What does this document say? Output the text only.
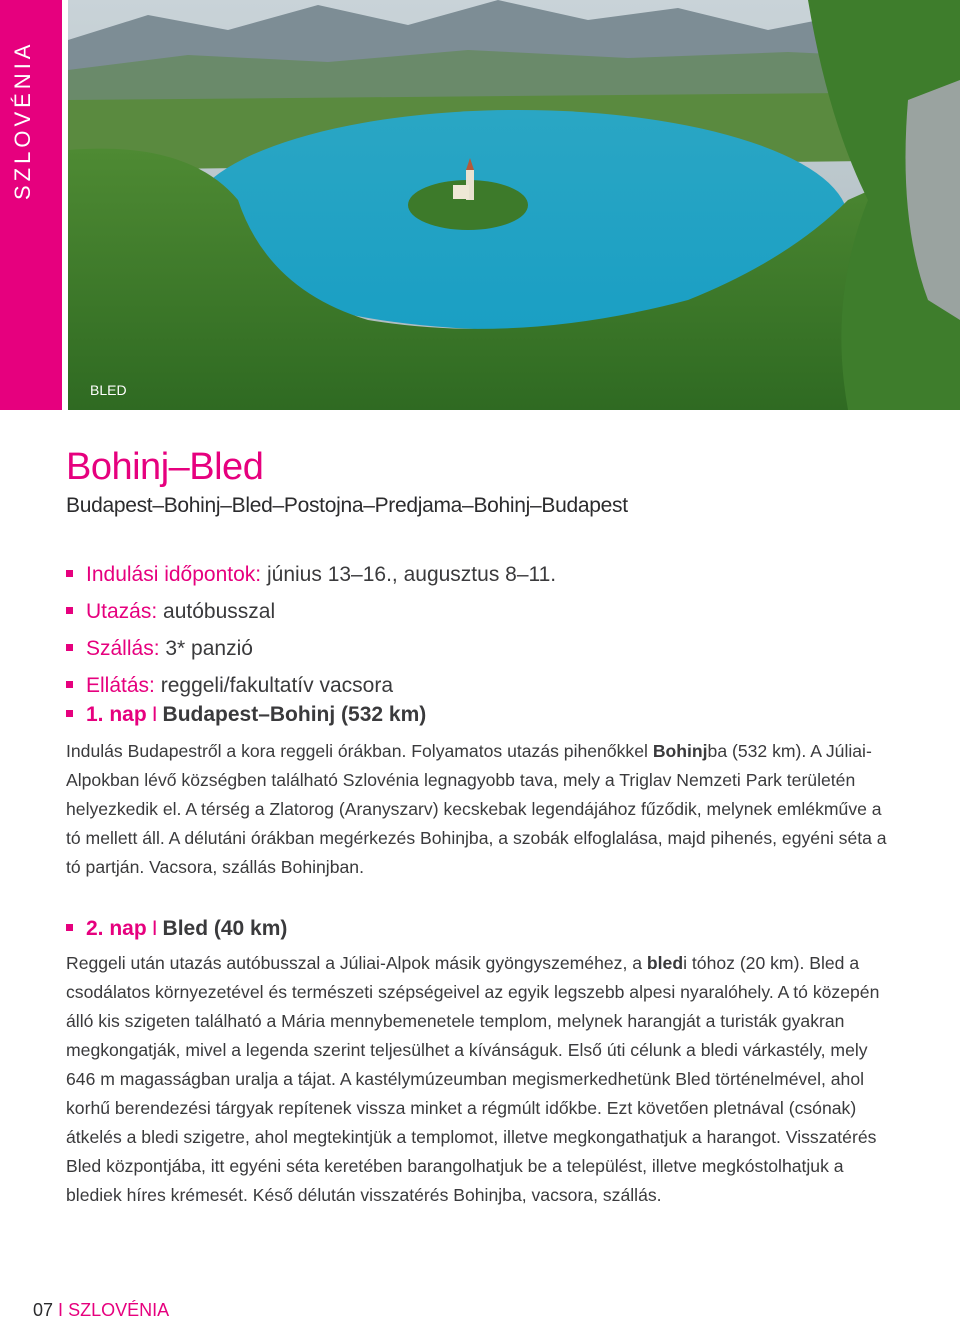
SZLOVÉNIA
BLED
Bohinj–Bled
Budapest–Bohinj–Bled–Postojna–Predjama–Bohinj–Budapest
Indulási időpontok: június 13–16., augusztus 8–11.
Utazás: autóbusszal
Szállás: 3* panzió
Ellátás: reggeli/fakultatív vacsora
1. nap I Budapest–Bohinj (532 km)

Indulás Budapestről a kora reggeli órákban. Folyamatos utazás pihenőkkel Bohinjba (532 km). A Júliai-Alpokban lévő községben található Szlovénia legnagyobb tava, mely a Triglav Nemzeti Park területén helyezkedik el. A térség a Zlatorog (Aranyszarv) kecskebak legendájához fűződik, melynek emlékműve a tó mellett áll. A délutáni órákban megérkezés Bohinjba, a szobák elfoglalása, majd pihenés, egyéni séta a tó partján. Vacsora, szállás Bohinjban.

2. nap I Bled (40 km)

Reggeli után utazás autóbusszal a Júliai-Alpok másik gyöngyszeméhez, a bledi tóhoz (20 km). Bled a csodálatos környezetével és természeti szépségeivel az egyik legszebb alpesi nyaralóhely. A tó közepén álló kis szigeten található a Mária mennybemenetele templom, melynek harangját a turisták gyakran megkongatják, mivel a legenda szerint teljesülhet a kívánságuk. Első úti célunk a bledi várkastély, mely 646 m magasságban uralja a tájat. A kastélymúzeumban megismerkedhetünk Bled történelmével, ahol korhű berendezési tárgyak repítenek vissza minket a régmúlt időkbe. Ezt követően pletnával (csónak) átkelés a bledi szigetre, ahol megtekintjük a templomot, illetve megkongathatjuk a harangot. Visszatérés Bled központjába, itt egyéni séta keretében barangolhatjuk be a települést, illetve megkóstolhatjuk a blediek híres krémesét. Késő délután visszatérés Bohinjba, vacsora, szállás.

07 I SZLOVÉNIA
